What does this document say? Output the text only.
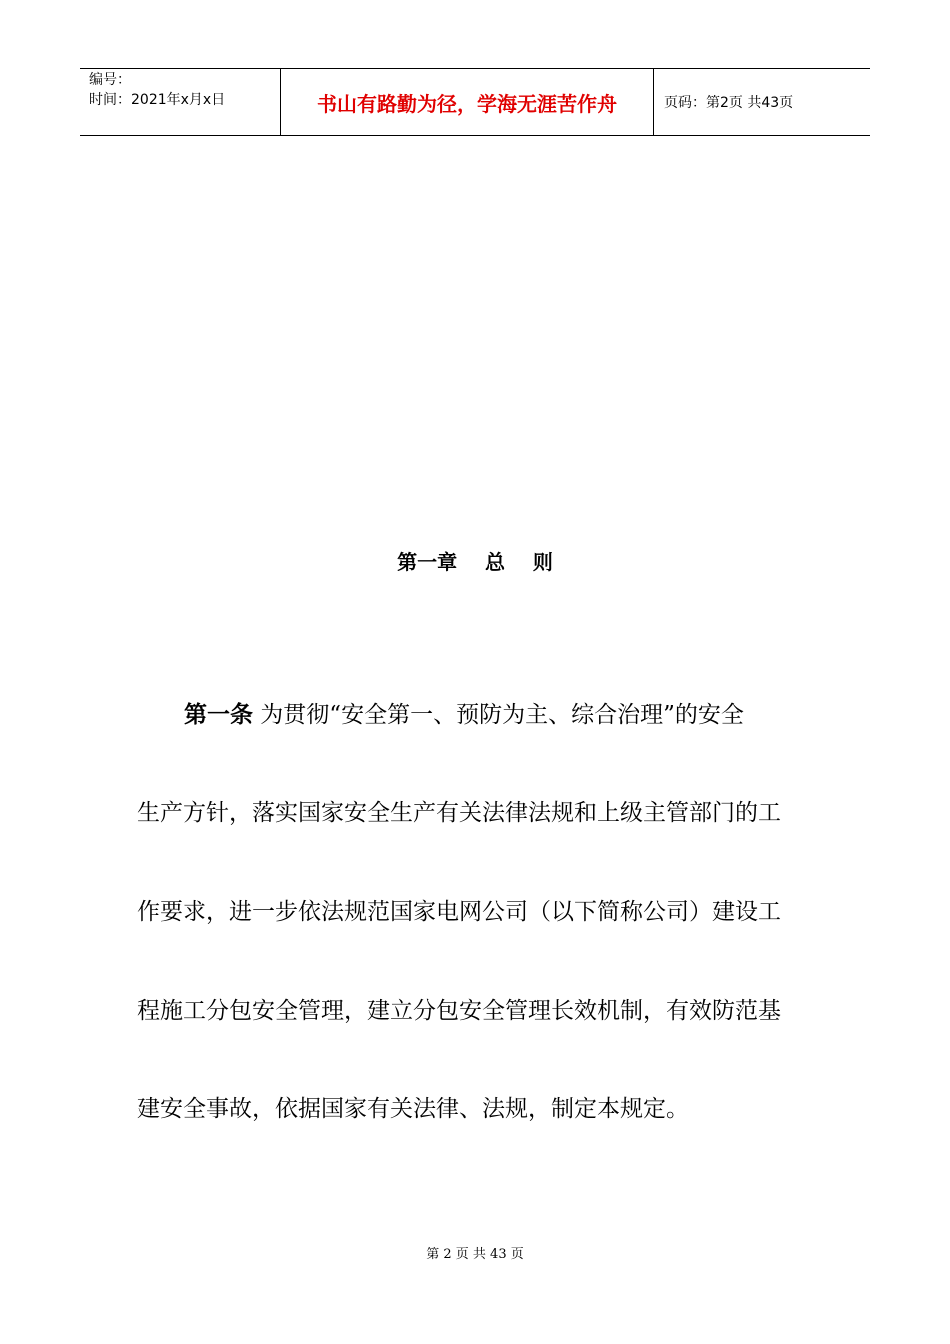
编号：
时间：2021年x月x日	书山有路勤为径，学海无涯苦作舟	页码：第2页 共43页
第一章    总    则
第一条 为贯彻“安全第一、预防为主、综合治理”的安全
生产方针，落实国家安全生产有关法律法规和上级主管部门的工
作要求，进一步依法规范国家电网公司（以下简称公司）建设工
程施工分包安全管理，建立分包安全管理长效机制，有效防范基
建安全事故，依据国家有关法律、法规，制定本规定。
第 2 页 共 43 页
